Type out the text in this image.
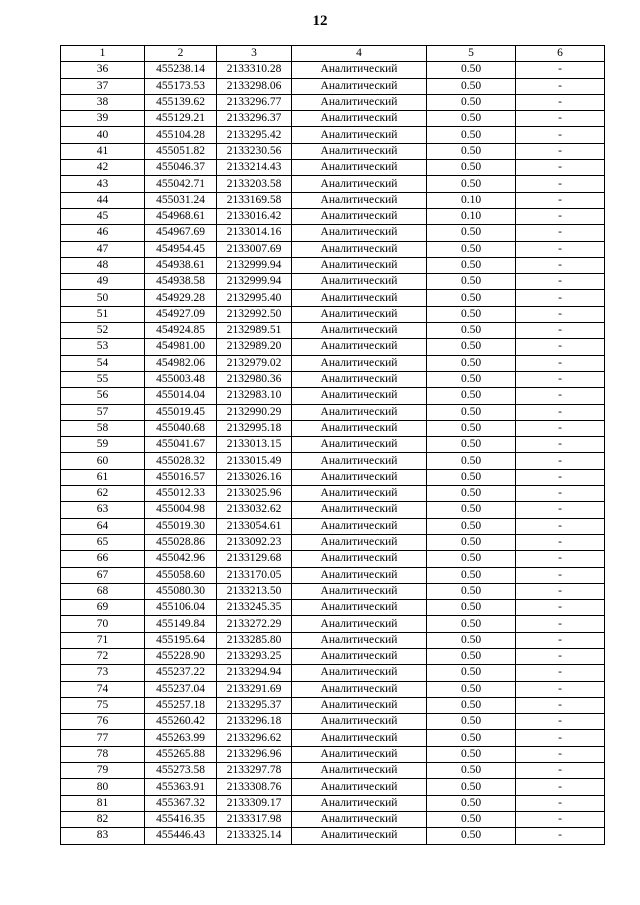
12
1	2	3	4	5	6
36	455238.14	2133310.28	Аналитический	0.50	-
37	455173.53	2133298.06	Аналитический	0.50	-
38	455139.62	2133296.77	Аналитический	0.50	-
39	455129.21	2133296.37	Аналитический	0.50	-
40	455104.28	2133295.42	Аналитический	0.50	-
41	455051.82	2133230.56	Аналитический	0.50	-
42	455046.37	2133214.43	Аналитический	0.50	-
43	455042.71	2133203.58	Аналитический	0.50	-
44	455031.24	2133169.58	Аналитический	0.10	-
45	454968.61	2133016.42	Аналитический	0.10	-
46	454967.69	2133014.16	Аналитический	0.50	-
47	454954.45	2133007.69	Аналитический	0.50	-
48	454938.61	2132999.94	Аналитический	0.50	-
49	454938.58	2132999.94	Аналитический	0.50	-
50	454929.28	2132995.40	Аналитический	0.50	-
51	454927.09	2132992.50	Аналитический	0.50	-
52	454924.85	2132989.51	Аналитический	0.50	-
53	454981.00	2132989.20	Аналитический	0.50	-
54	454982.06	2132979.02	Аналитический	0.50	-
55	455003.48	2132980.36	Аналитический	0.50	-
56	455014.04	2132983.10	Аналитический	0.50	-
57	455019.45	2132990.29	Аналитический	0.50	-
58	455040.68	2132995.18	Аналитический	0.50	-
59	455041.67	2133013.15	Аналитический	0.50	-
60	455028.32	2133015.49	Аналитический	0.50	-
61	455016.57	2133026.16	Аналитический	0.50	-
62	455012.33	2133025.96	Аналитический	0.50	-
63	455004.98	2133032.62	Аналитический	0.50	-
64	455019.30	2133054.61	Аналитический	0.50	-
65	455028.86	2133092.23	Аналитический	0.50	-
66	455042.96	2133129.68	Аналитический	0.50	-
67	455058.60	2133170.05	Аналитический	0.50	-
68	455080.30	2133213.50	Аналитический	0.50	-
69	455106.04	2133245.35	Аналитический	0.50	-
70	455149.84	2133272.29	Аналитический	0.50	-
71	455195.64	2133285.80	Аналитический	0.50	-
72	455228.90	2133293.25	Аналитический	0.50	-
73	455237.22	2133294.94	Аналитический	0.50	-
74	455237.04	2133291.69	Аналитический	0.50	-
75	455257.18	2133295.37	Аналитический	0.50	-
76	455260.42	2133296.18	Аналитический	0.50	-
77	455263.99	2133296.62	Аналитический	0.50	-
78	455265.88	2133296.96	Аналитический	0.50	-
79	455273.58	2133297.78	Аналитический	0.50	-
80	455363.91	2133308.76	Аналитический	0.50	-
81	455367.32	2133309.17	Аналитический	0.50	-
82	455416.35	2133317.98	Аналитический	0.50	-
83	455446.43	2133325.14	Аналитический	0.50	-
